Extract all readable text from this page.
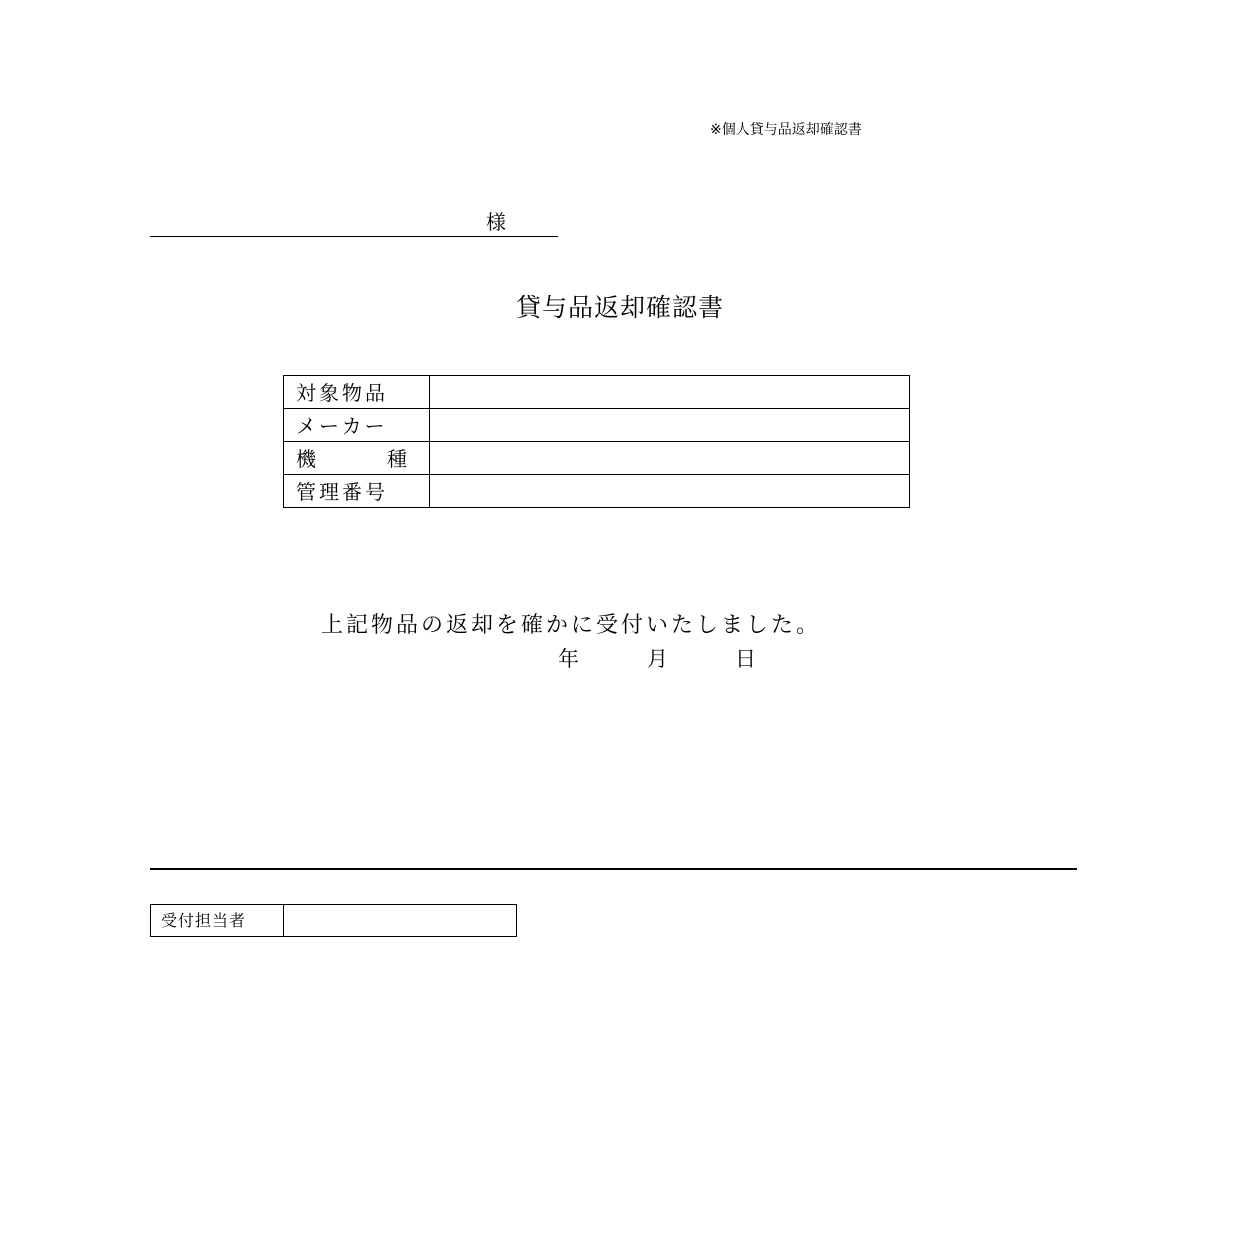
※個人貸与品返却確認書
様
貸与品返却確認書
対象物品	
メーカー	

機 種	

管理番号	
上記物品の返却を確かに受付いたしました。
年	月	日
受付担当者	
